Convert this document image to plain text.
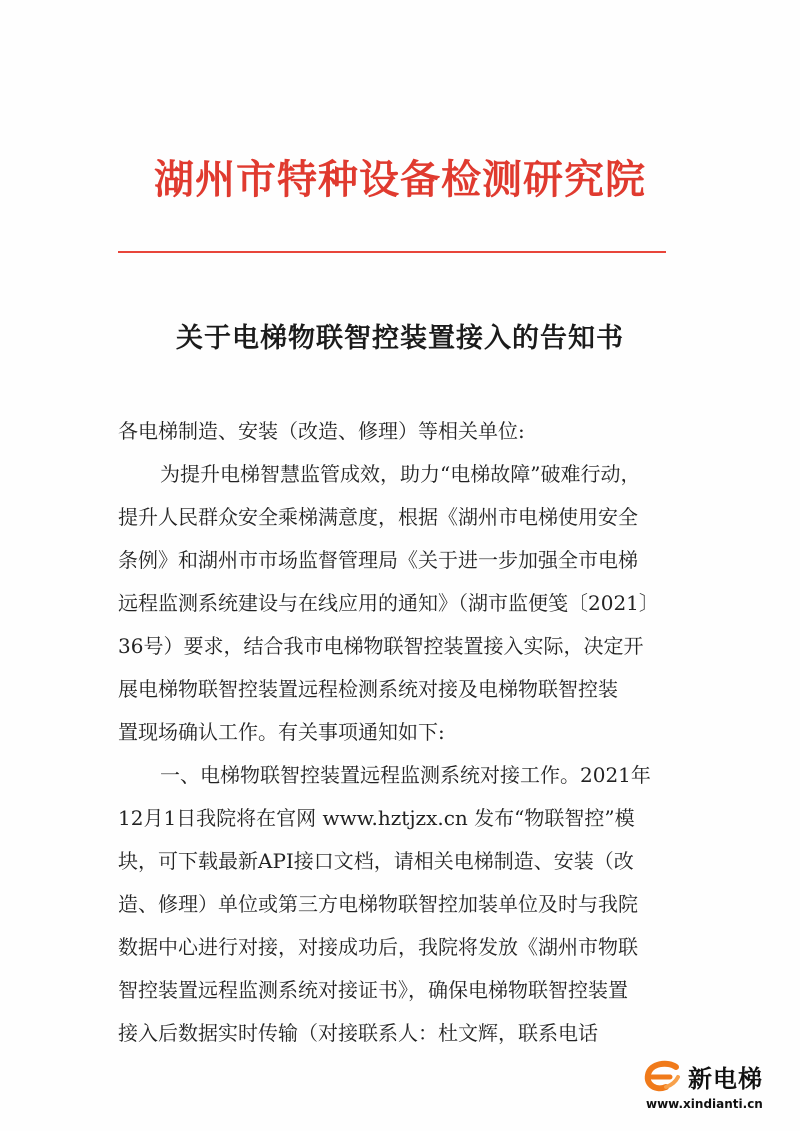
湖州市特种设备检测研究院
关于电梯物联智控装置接入的告知书
各电梯制造、安装（改造、修理）等相关单位:
为提升电梯智慧监管成效，助力“电梯故障”破难行动，
提升人民群众安全乘梯满意度，根据《湖州市电梯使用安全
条例》和湖州市市场监督管理局《关于进一步加强全市电梯
远程监测系统建设与在线应用的通知》（湖市监便笺〔2021〕
36号）要求，结合我市电梯物联智控装置接入实际，决定开
展电梯物联智控装置远程检测系统对接及电梯物联智控装
置现场确认工作。有关事项通知如下:
一、电梯物联智控装置远程监测系统对接工作。2021年
12月1日我院将在官网 www.hztjzx.cn 发布“物联智控”模
块，可下载最新API接口文档，请相关电梯制造、安装（改
造、修理）单位或第三方电梯物联智控加装单位及时与我院
数据中心进行对接，对接成功后，我院将发放《湖州市物联
智控装置远程监测系统对接证书》，确保电梯物联智控装置
接入后数据实时传输（对接联系人：杜文辉，联系电话
新电梯
www.xindianti.cn
